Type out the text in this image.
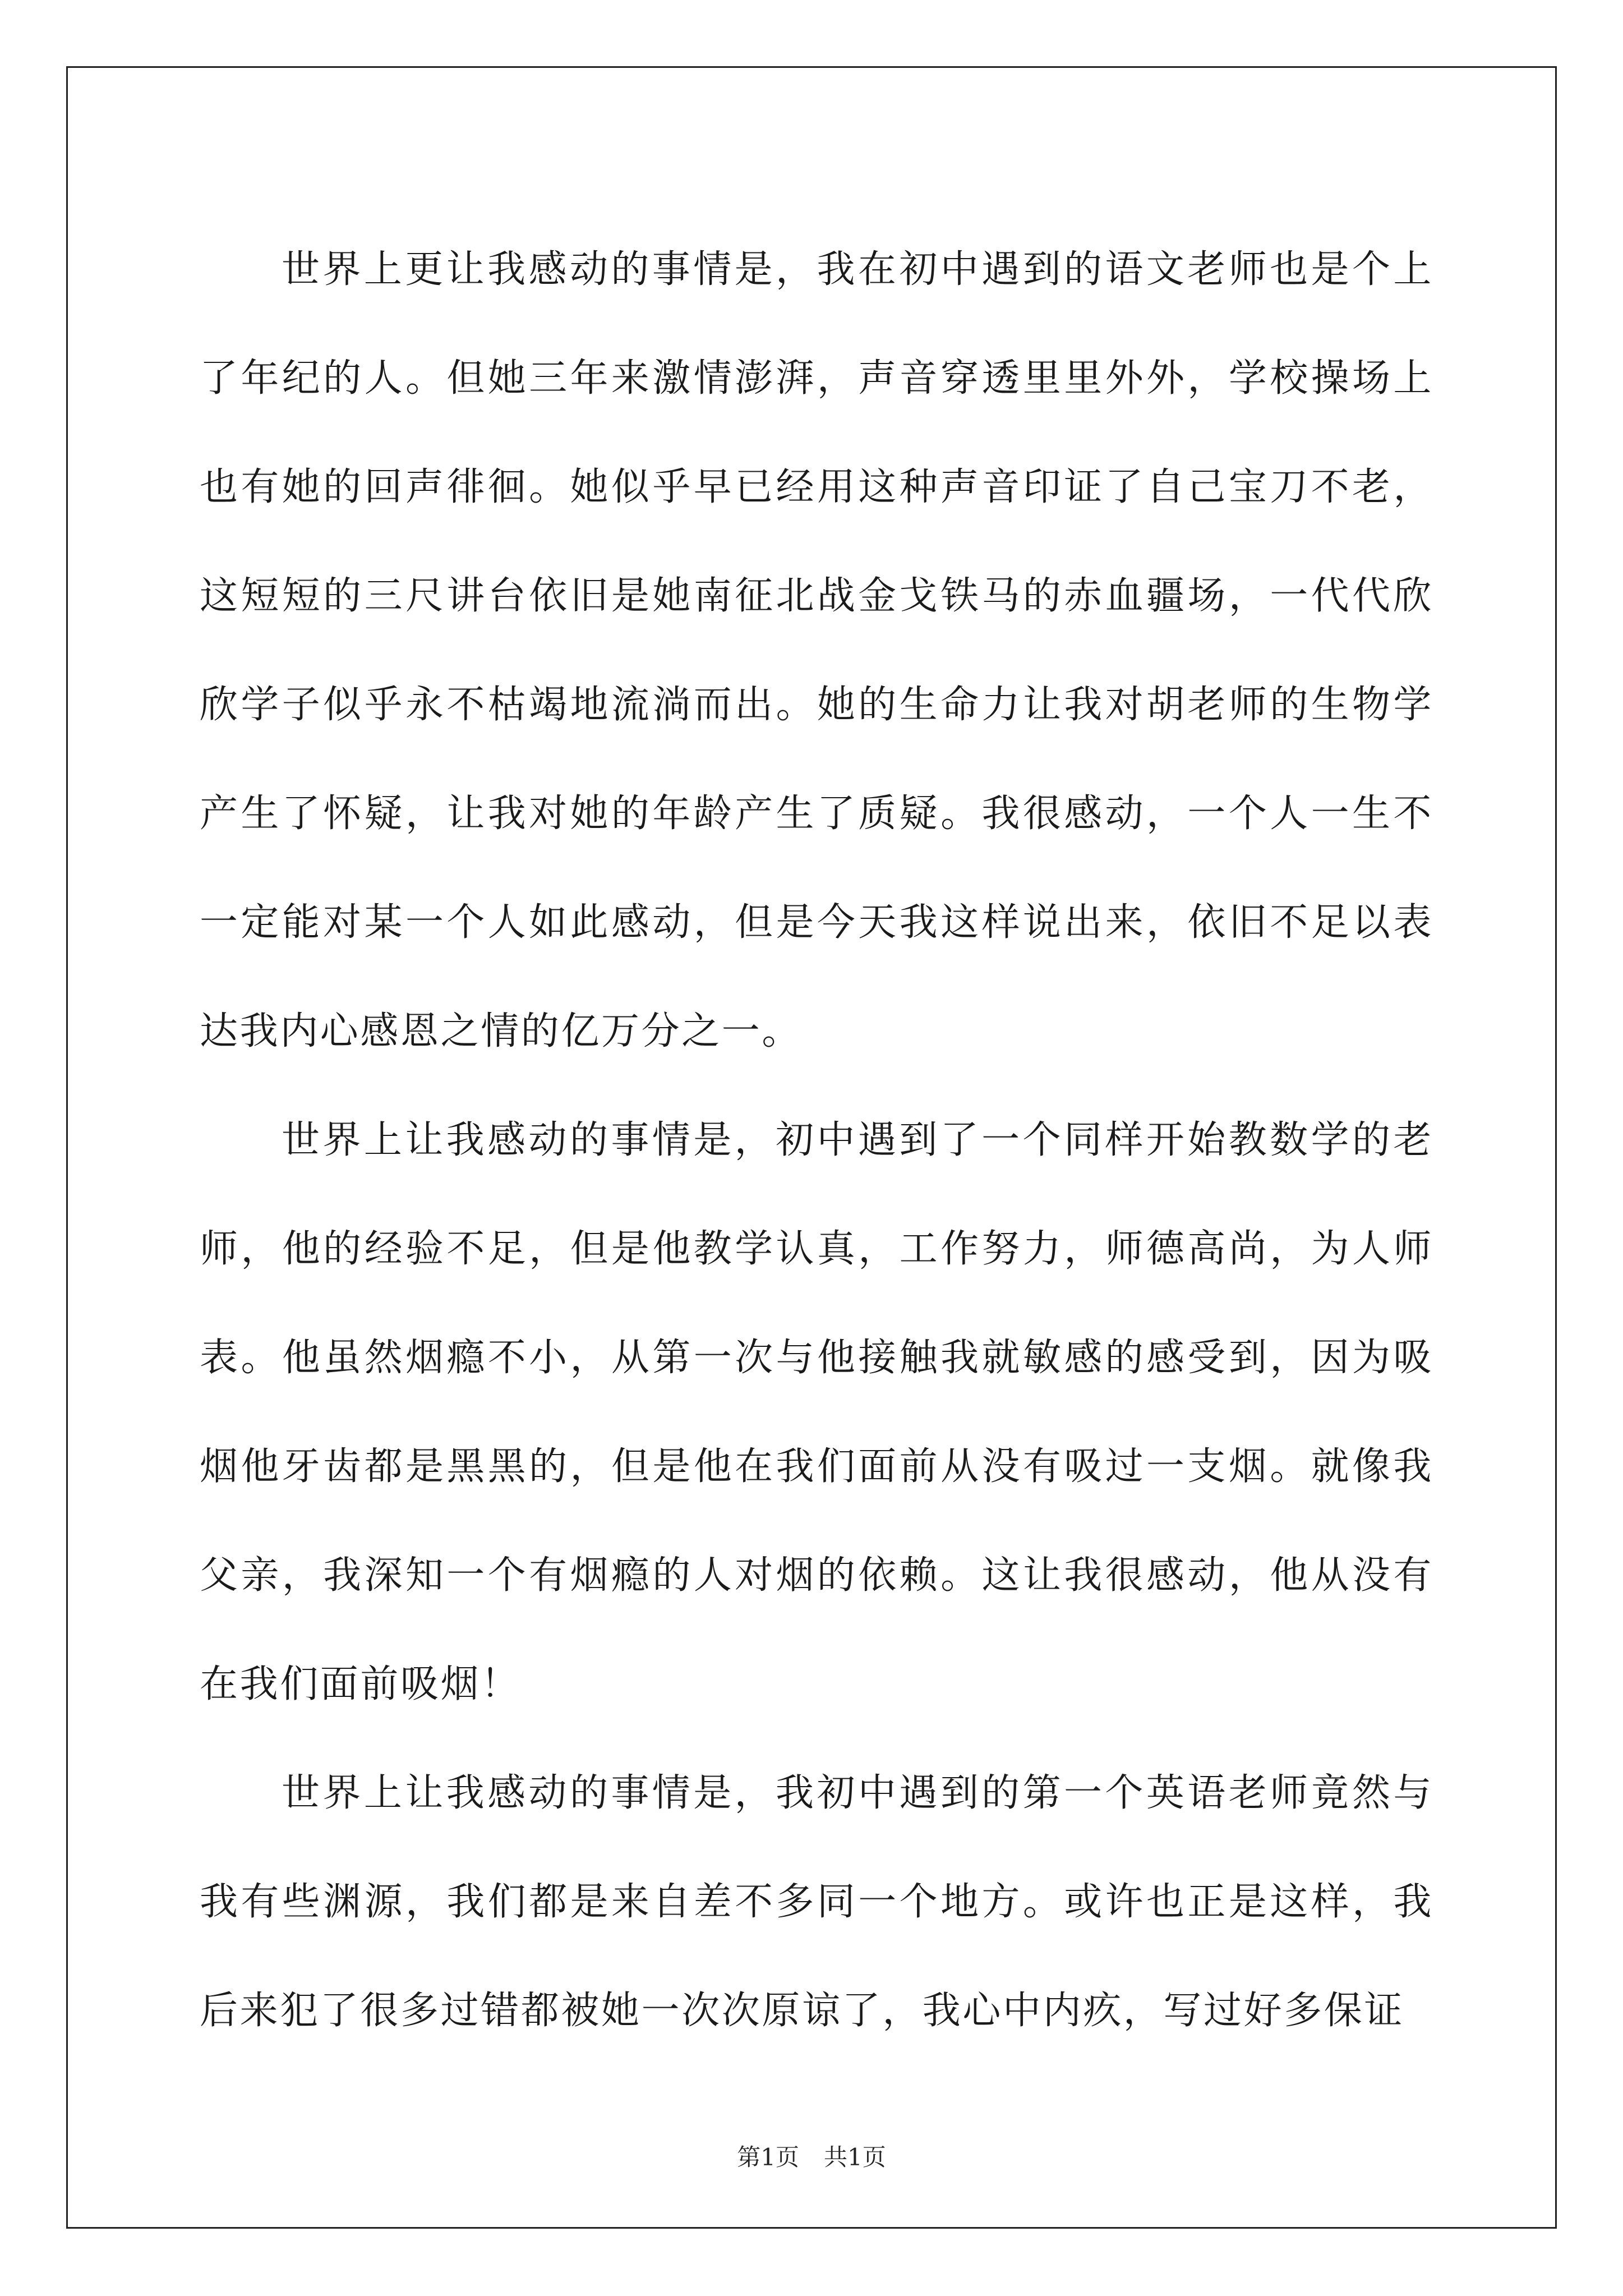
世界上更让我感动的事情是，我在初中遇到的语文老师也是个上了年纪的人。但她三年来激情澎湃，声音穿透里里外外，学校操场上也有她的回声徘徊。她似乎早已经用这种声音印证了自己宝刀不老，这短短的三尺讲台依旧是她南征北战金戈铁马的赤血疆场，一代代欣欣学子似乎永不枯竭地流淌而出。她的生命力让我对胡老师的生物学产生了怀疑，让我对她的年龄产生了质疑。我很感动，一个人一生不一定能对某一个人如此感动，但是今天我这样说出来，依旧不足以表达我内心感恩之情的亿万分之一。

世界上让我感动的事情是，初中遇到了一个同样开始教数学的老师，他的经验不足，但是他教学认真，工作努力，师德高尚，为人师表。他虽然烟瘾不小，从第一次与他接触我就敏感的感受到，因为吸烟他牙齿都是黑黑的，但是他在我们面前从没有吸过一支烟。就像我父亲，我深知一个有烟瘾的人对烟的依赖。这让我很感动，他从没有在我们面前吸烟！

世界上让我感动的事情是，我初中遇到的第一个英语老师竟然与我有些渊源，我们都是来自差不多同一个地方。或许也正是这样，我后来犯了很多过错都被她一次次原谅了，我心中内疚，写过好多保证

第1页 共1页
